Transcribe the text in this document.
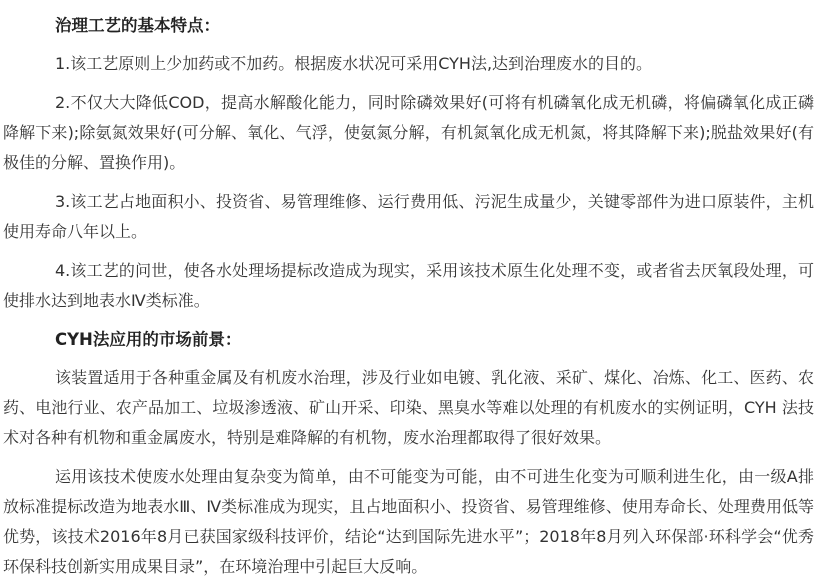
治理工艺的基本特点：
1.该工艺原则上少加药或不加药。根据废水状况可采用CYH法,达到治理废水的目的。
2.不仅大大降低COD，提高水解酸化能力，同时除磷效果好(可将有机磷氧化成无机磷，将偏磷氧化成正磷降解下来);除氨氮效果好(可分解、氧化、气浮，使氨氮分解，有机氮氧化成无机氮，将其降解下来);脱盐效果好(有极佳的分解、置换作用)。
3.该工艺占地面积小、投资省、易管理维修、运行费用低、污泥生成量少，关键零部件为进口原装件，主机使用寿命八年以上。
4.该工艺的问世，使各水处理场提标改造成为现实，采用该技术原生化处理不变，或者省去厌氧段处理，可使排水达到地表水Ⅳ类标准。
CYH法应用的市场前景：
该装置适用于各种重金属及有机废水治理，涉及行业如电镀、乳化液、采矿、煤化、冶炼、化工、医药、农药、电池行业、农产品加工、垃圾渗透液、矿山开采、印染、黑臭水等难以处理的有机废水的实例证明，CYH 法技术对各种有机物和重金属废水，特别是难降解的有机物，废水治理都取得了很好效果。
运用该技术使废水处理由复杂变为简单，由不可能变为可能，由不可进生化变为可顺利进生化，由一级A排放标准提标改造为地表水Ⅲ、Ⅳ类标准成为现实，且占地面积小、投资省、易管理维修、使用寿命长、处理费用低等优势，该技术2016年8月已获国家级科技评价，结论“达到国际先进水平”；2018年8月列入环保部·环科学会“优秀环保科技创新实用成果目录”，在环境治理中引起巨大反响。
